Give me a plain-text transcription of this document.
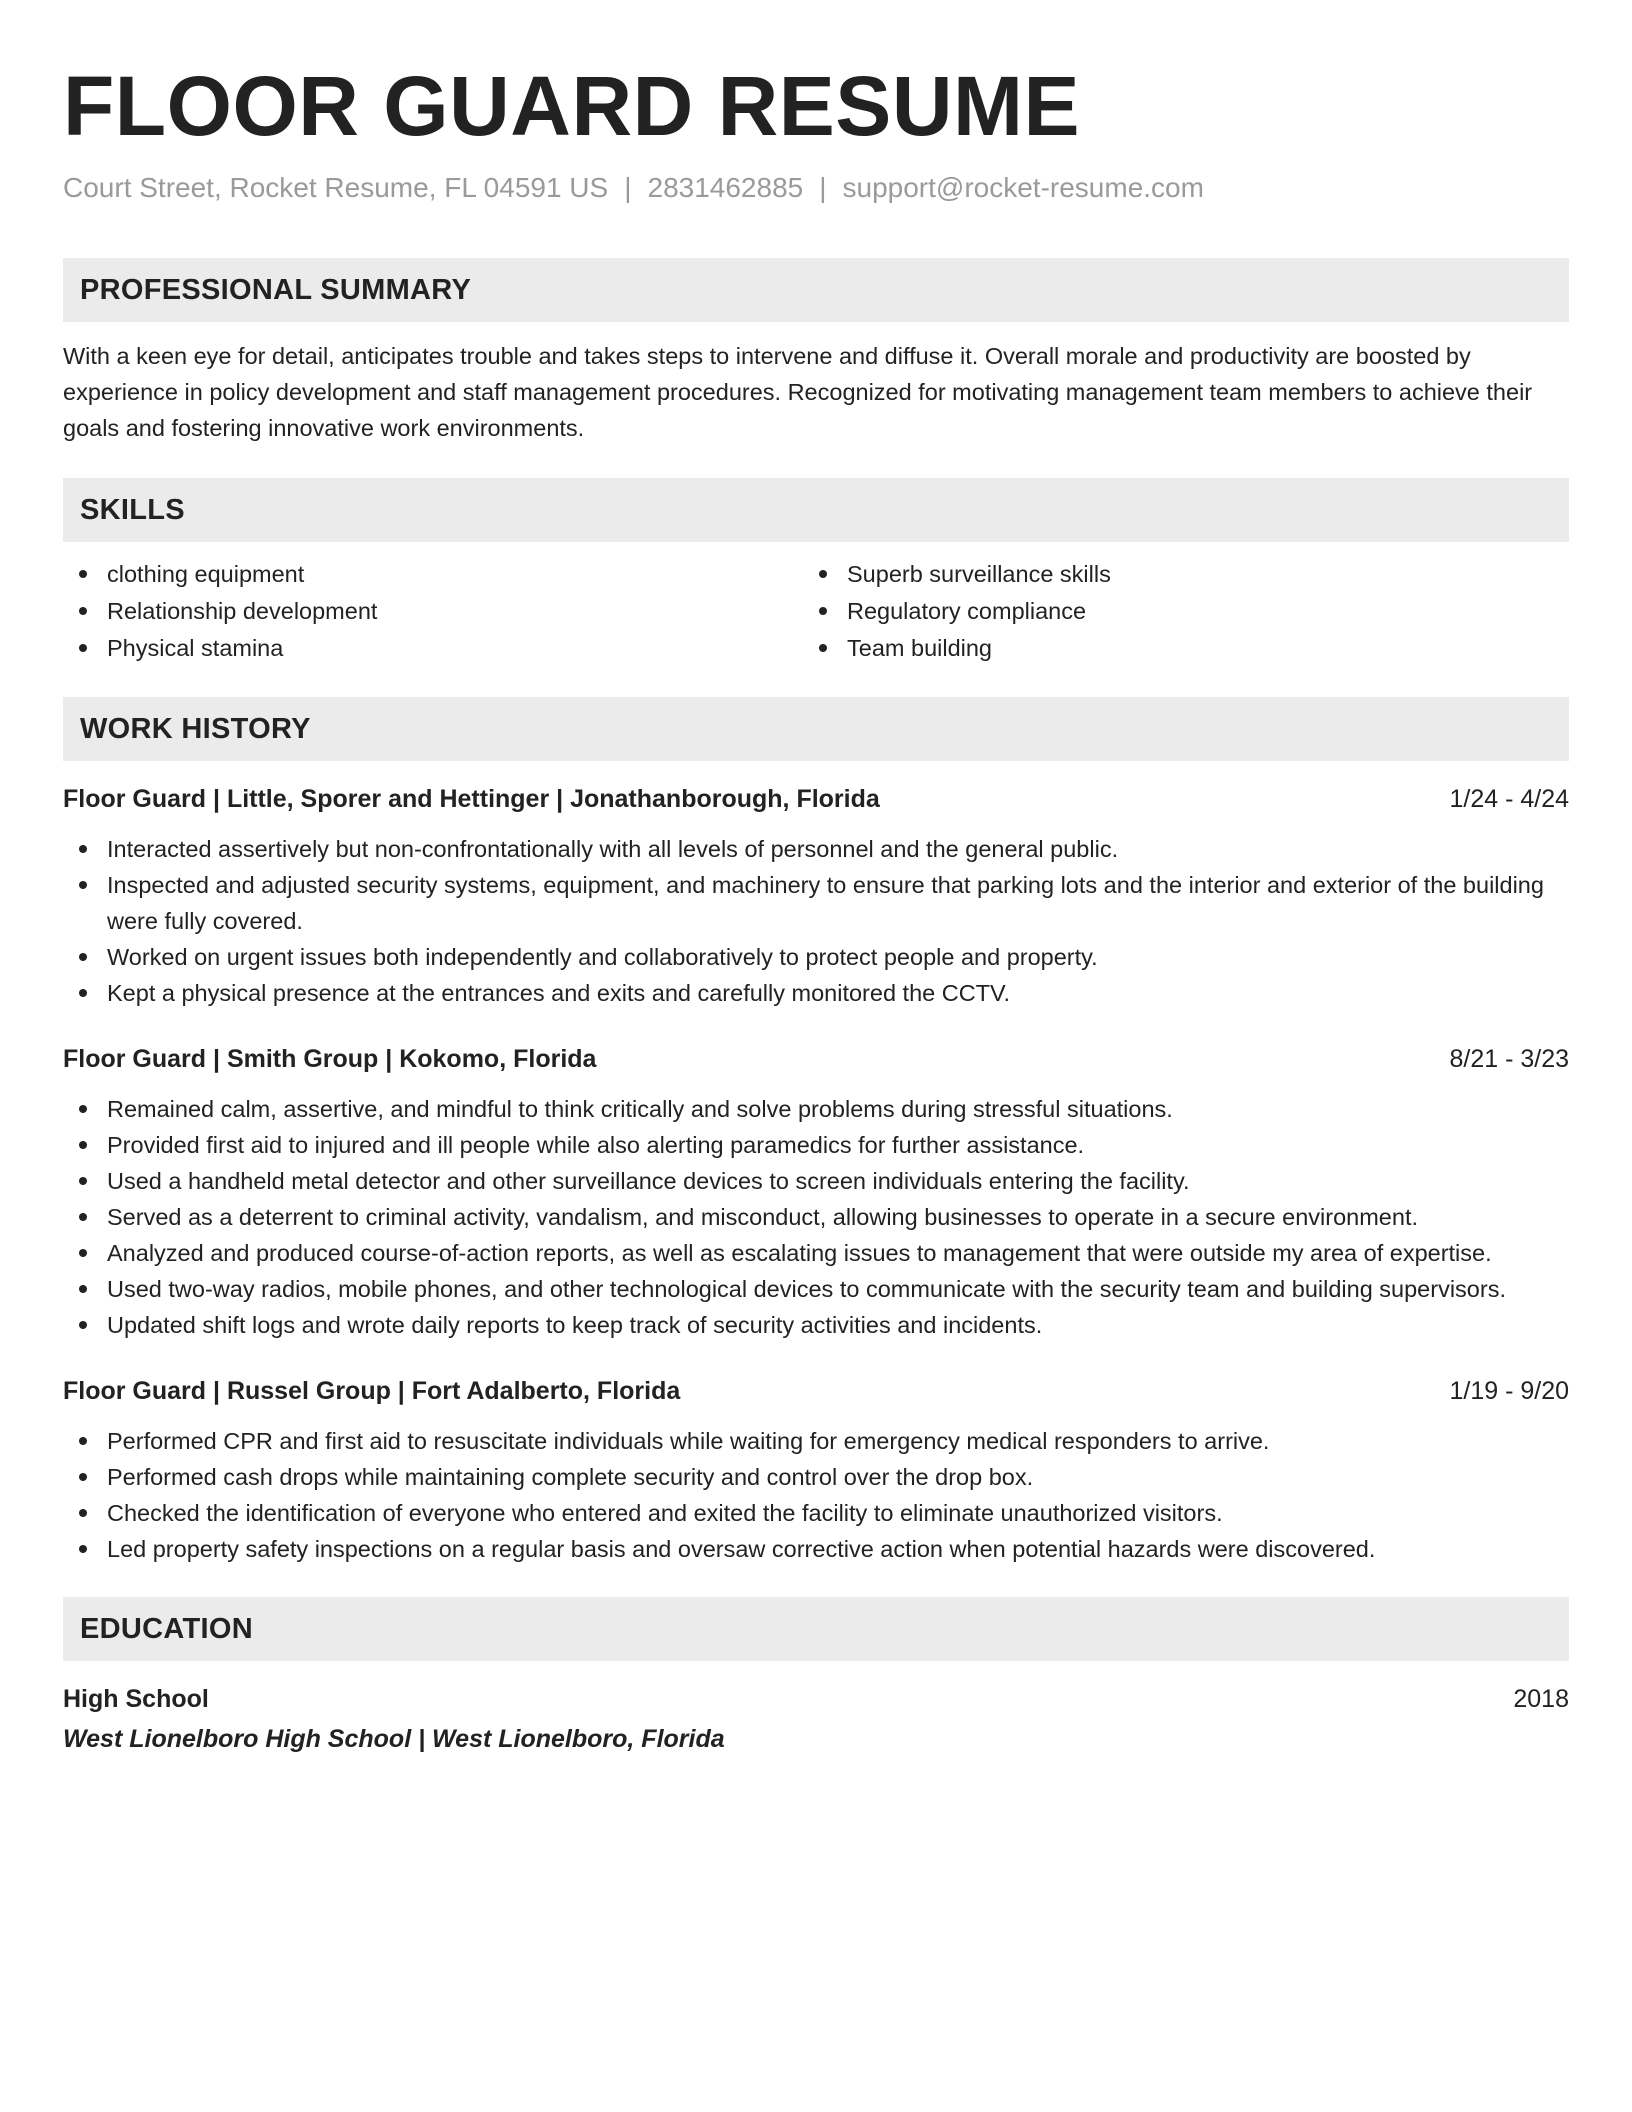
FLOOR GUARD RESUME
Court Street, Rocket Resume, FL 04591 US | 2831462885 | support@rocket-resume.com
PROFESSIONAL SUMMARY
With a keen eye for detail, anticipates trouble and takes steps to intervene and diffuse it. Overall morale and productivity are boosted by experience in policy development and staff management procedures. Recognized for motivating management team members to achieve their goals and fostering innovative work environments.
SKILLS
clothing equipment
Relationship development
Physical stamina
Superb surveillance skills
Regulatory compliance
Team building
WORK HISTORY
Floor Guard | Little, Sporer and Hettinger | Jonathanborough, Florida	1/24 - 4/24
Interacted assertively but non-confrontationally with all levels of personnel and the general public.
Inspected and adjusted security systems, equipment, and machinery to ensure that parking lots and the interior and exterior of the building were fully covered.
Worked on urgent issues both independently and collaboratively to protect people and property.
Kept a physical presence at the entrances and exits and carefully monitored the CCTV.
Floor Guard | Smith Group | Kokomo, Florida	8/21 - 3/23
Remained calm, assertive, and mindful to think critically and solve problems during stressful situations.
Provided first aid to injured and ill people while also alerting paramedics for further assistance.
Used a handheld metal detector and other surveillance devices to screen individuals entering the facility.
Served as a deterrent to criminal activity, vandalism, and misconduct, allowing businesses to operate in a secure environment.
Analyzed and produced course-of-action reports, as well as escalating issues to management that were outside my area of expertise.
Used two-way radios, mobile phones, and other technological devices to communicate with the security team and building supervisors.
Updated shift logs and wrote daily reports to keep track of security activities and incidents.
Floor Guard | Russel Group | Fort Adalberto, Florida	1/19 - 9/20
Performed CPR and first aid to resuscitate individuals while waiting for emergency medical responders to arrive.
Performed cash drops while maintaining complete security and control over the drop box.
Checked the identification of everyone who entered and exited the facility to eliminate unauthorized visitors.
Led property safety inspections on a regular basis and oversaw corrective action when potential hazards were discovered.
EDUCATION
High School	2018
West Lionelboro High School | West Lionelboro, Florida
